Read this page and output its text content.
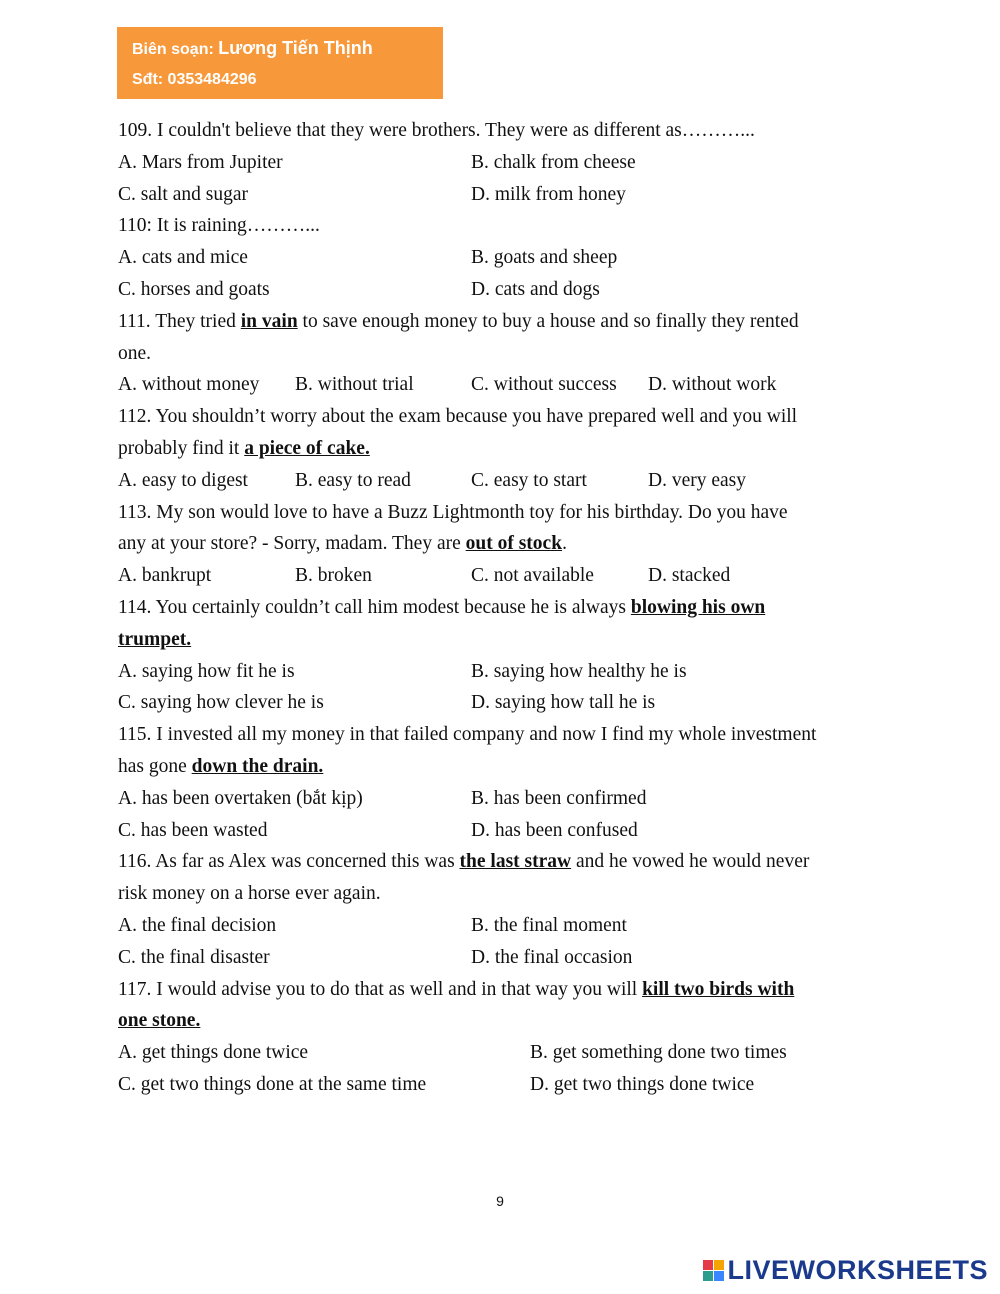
Biên soạn: Lương Tiến Thịnh
Sđt: 0353484296
109. I couldn't believe that they were brothers. They were as different as………...
A. Mars from Jupiter	B. chalk from cheese
C. salt and sugar	D. milk from honey
110: It is raining………...
A. cats and mice	B. goats and sheep
C. horses and goats	D. cats and dogs
111. They tried in vain to save enough money to buy a house and so finally they rented
one.
A. without money B. without trial	C. without success D. without work
112. You shouldn’t worry about the exam because you have prepared well and you will
probably find it a piece of cake.
A. easy to digest B. easy to read	C. easy to start	D. very easy
113. My son would love to have a Buzz Lightmonth toy for his birthday. Do you have
any at your store? - Sorry, madam. They are out of stock.
A. bankrupt	B. broken	C. not available	D. stacked
114. You certainly couldn’t call him modest because he is always blowing his own
trumpet.
A. saying how fit he is	B. saying how healthy he is
C. saying how clever he is	D. saying how tall he is
115. I invested all my money in that failed company and now I find my whole investment
has gone down the drain.
A. has been overtaken (bắt kịp)	B. has been confirmed
C. has been wasted	D. has been confused
116. As far as Alex was concerned this was the last straw and he vowed he would never
risk money on a horse ever again.
A. the final decision	B. the final moment
C. the final disaster	D. the final occasion
117. I would advise you to do that as well and in that way you will kill two birds with
one stone.
A. get things done twice	B. get something done two times
C. get two things done at the same time	D. get two things done twice
9
LIVEWORKSHEETS
